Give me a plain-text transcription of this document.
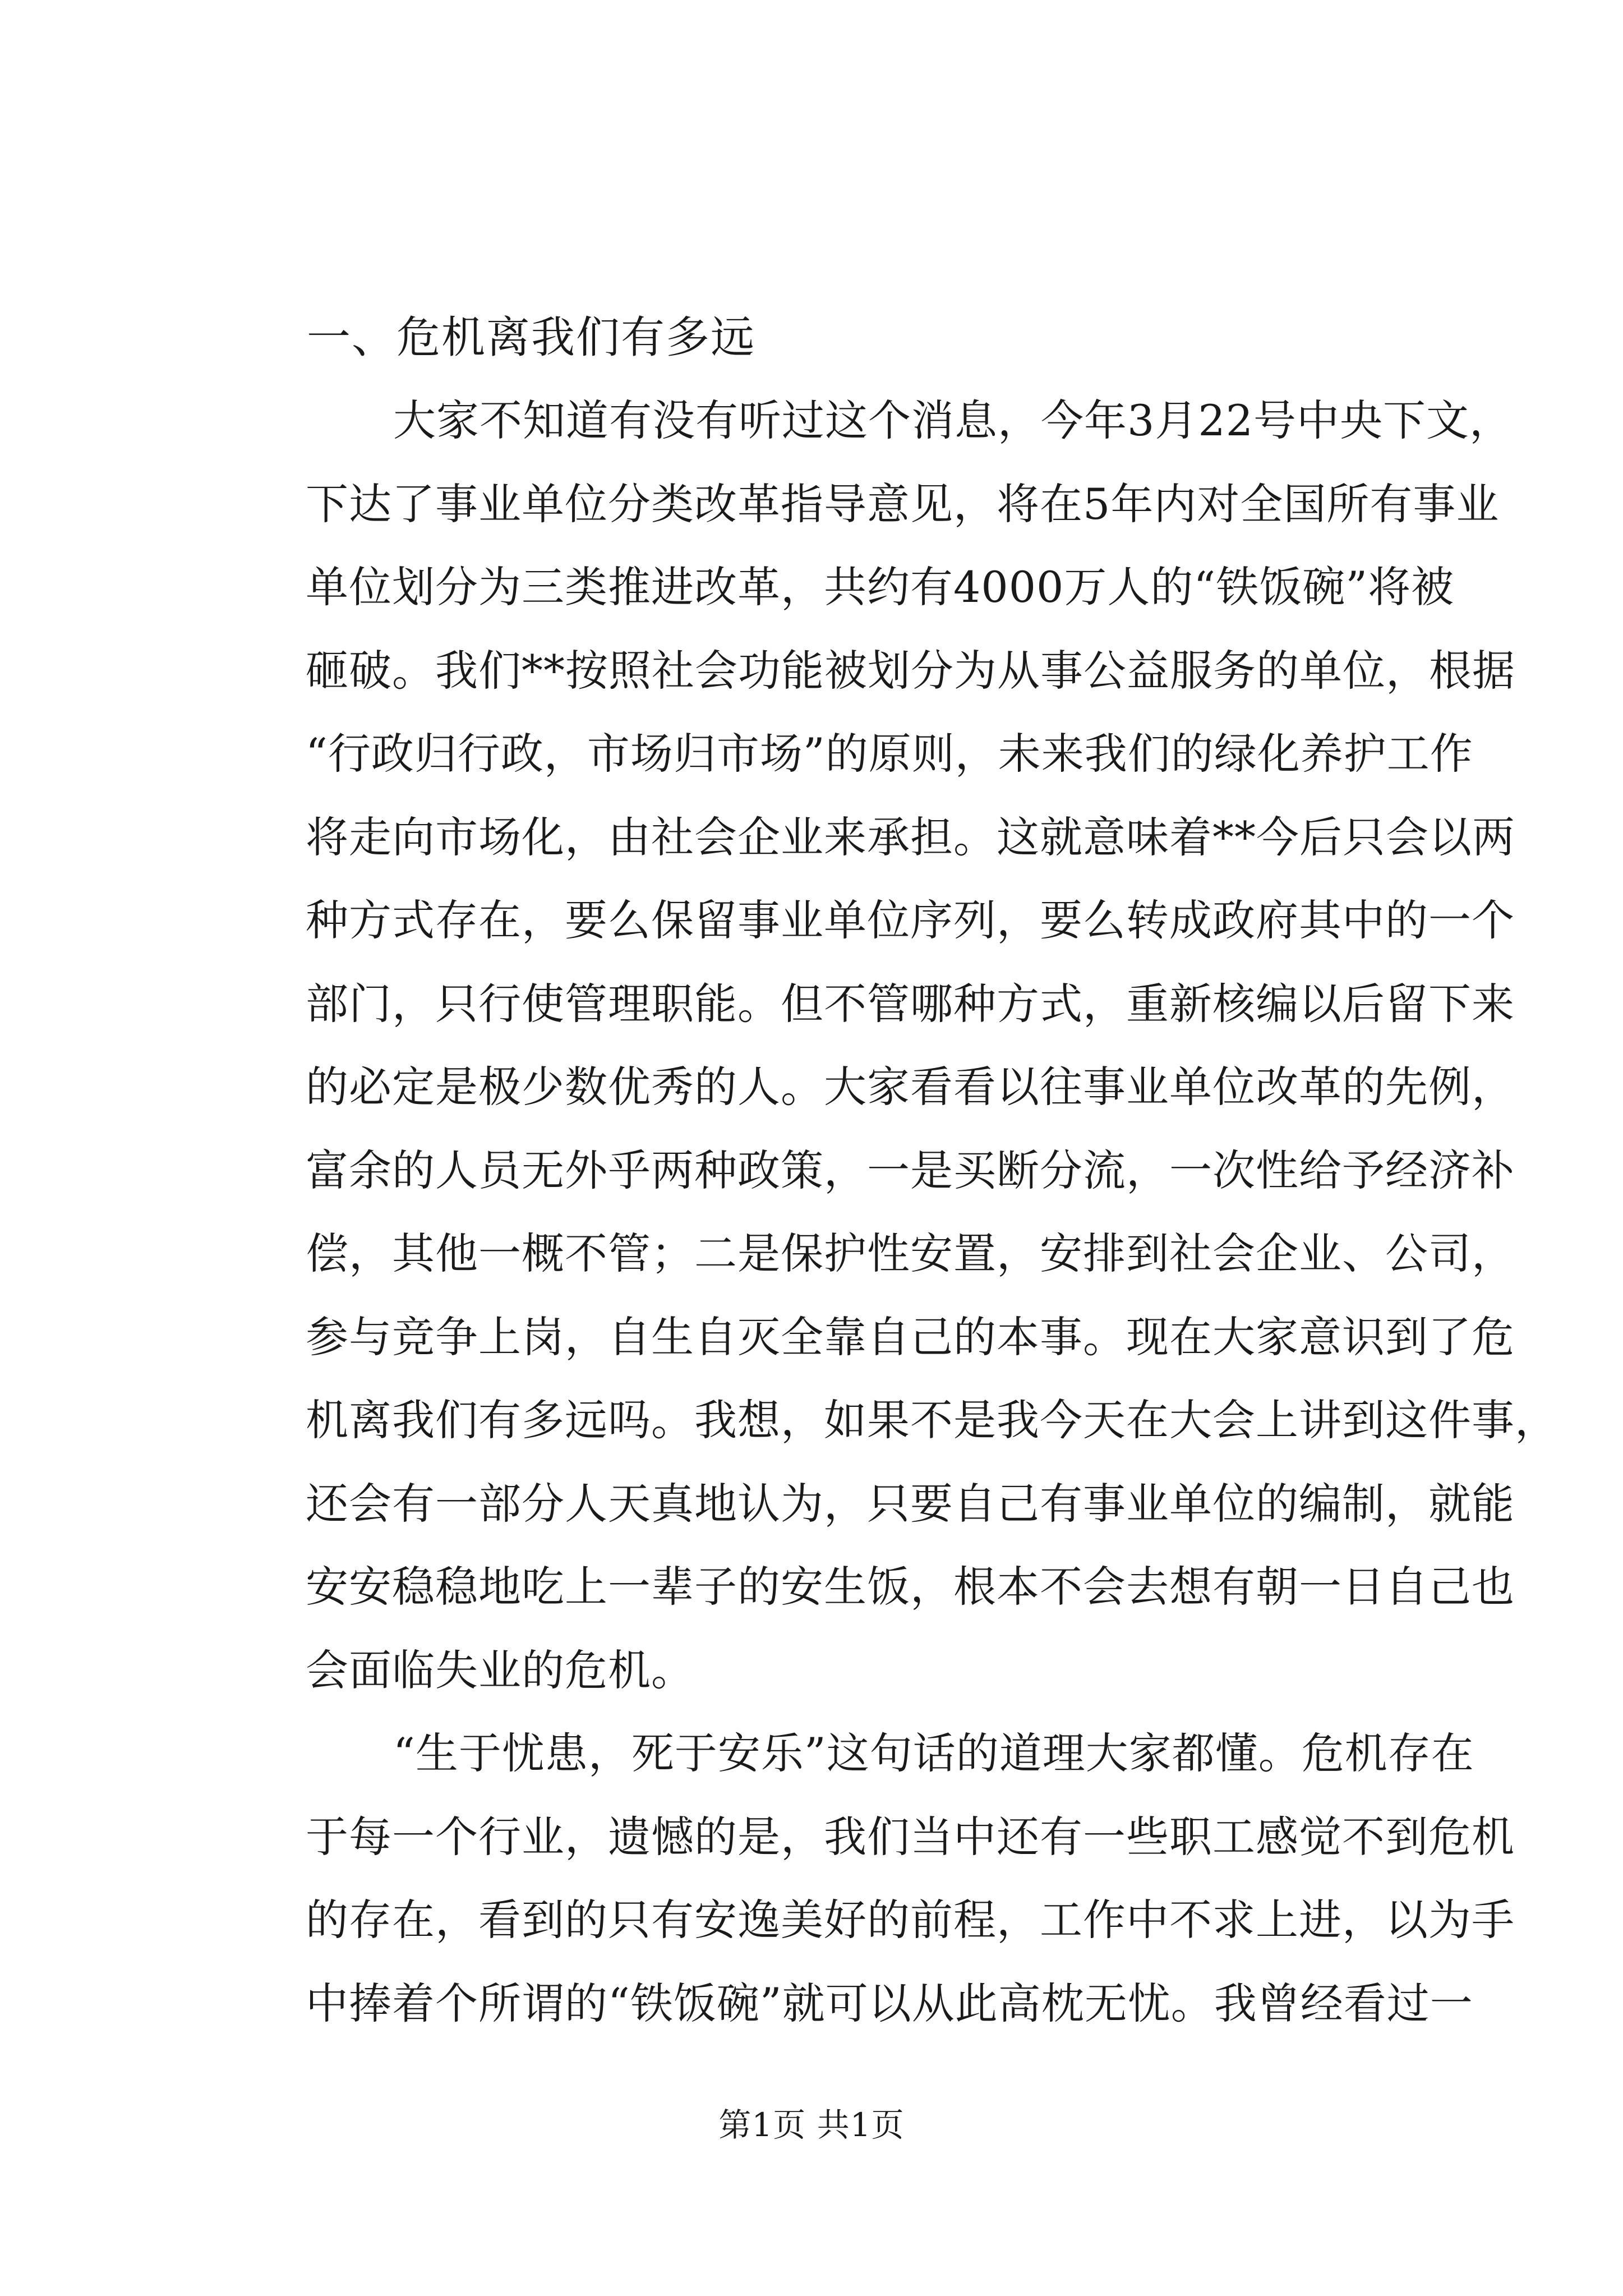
一、危机离我们有多远
大家不知道有没有听过这个消息，今年3月22号中央下文，
下达了事业单位分类改革指导意见，将在5年内对全国所有事业
单位划分为三类推进改革，共约有4000万人的“铁饭碗”将被
砸破。我们**按照社会功能被划分为从事公益服务的单位，根据
“行政归行政，市场归市场”的原则，未来我们的绿化养护工作
将走向市场化，由社会企业来承担。这就意味着**今后只会以两
种方式存在，要么保留事业单位序列，要么转成政府其中的一个
部门，只行使管理职能。但不管哪种方式，重新核编以后留下来
的必定是极少数优秀的人。大家看看以往事业单位改革的先例，
富余的人员无外乎两种政策，一是买断分流，一次性给予经济补
偿，其他一概不管；二是保护性安置，安排到社会企业、公司，
参与竞争上岗，自生自灭全靠自己的本事。现在大家意识到了危
机离我们有多远吗。我想，如果不是我今天在大会上讲到这件事，
还会有一部分人天真地认为，只要自己有事业单位的编制，就能
安安稳稳地吃上一辈子的安生饭，根本不会去想有朝一日自己也
会面临失业的危机。
“生于忧患，死于安乐”这句话的道理大家都懂。危机存在
于每一个行业，遗憾的是，我们当中还有一些职工感觉不到危机
的存在，看到的只有安逸美好的前程，工作中不求上进，以为手
中捧着个所谓的“铁饭碗”就可以从此高枕无忧。我曾经看过一
第1页 共1页
